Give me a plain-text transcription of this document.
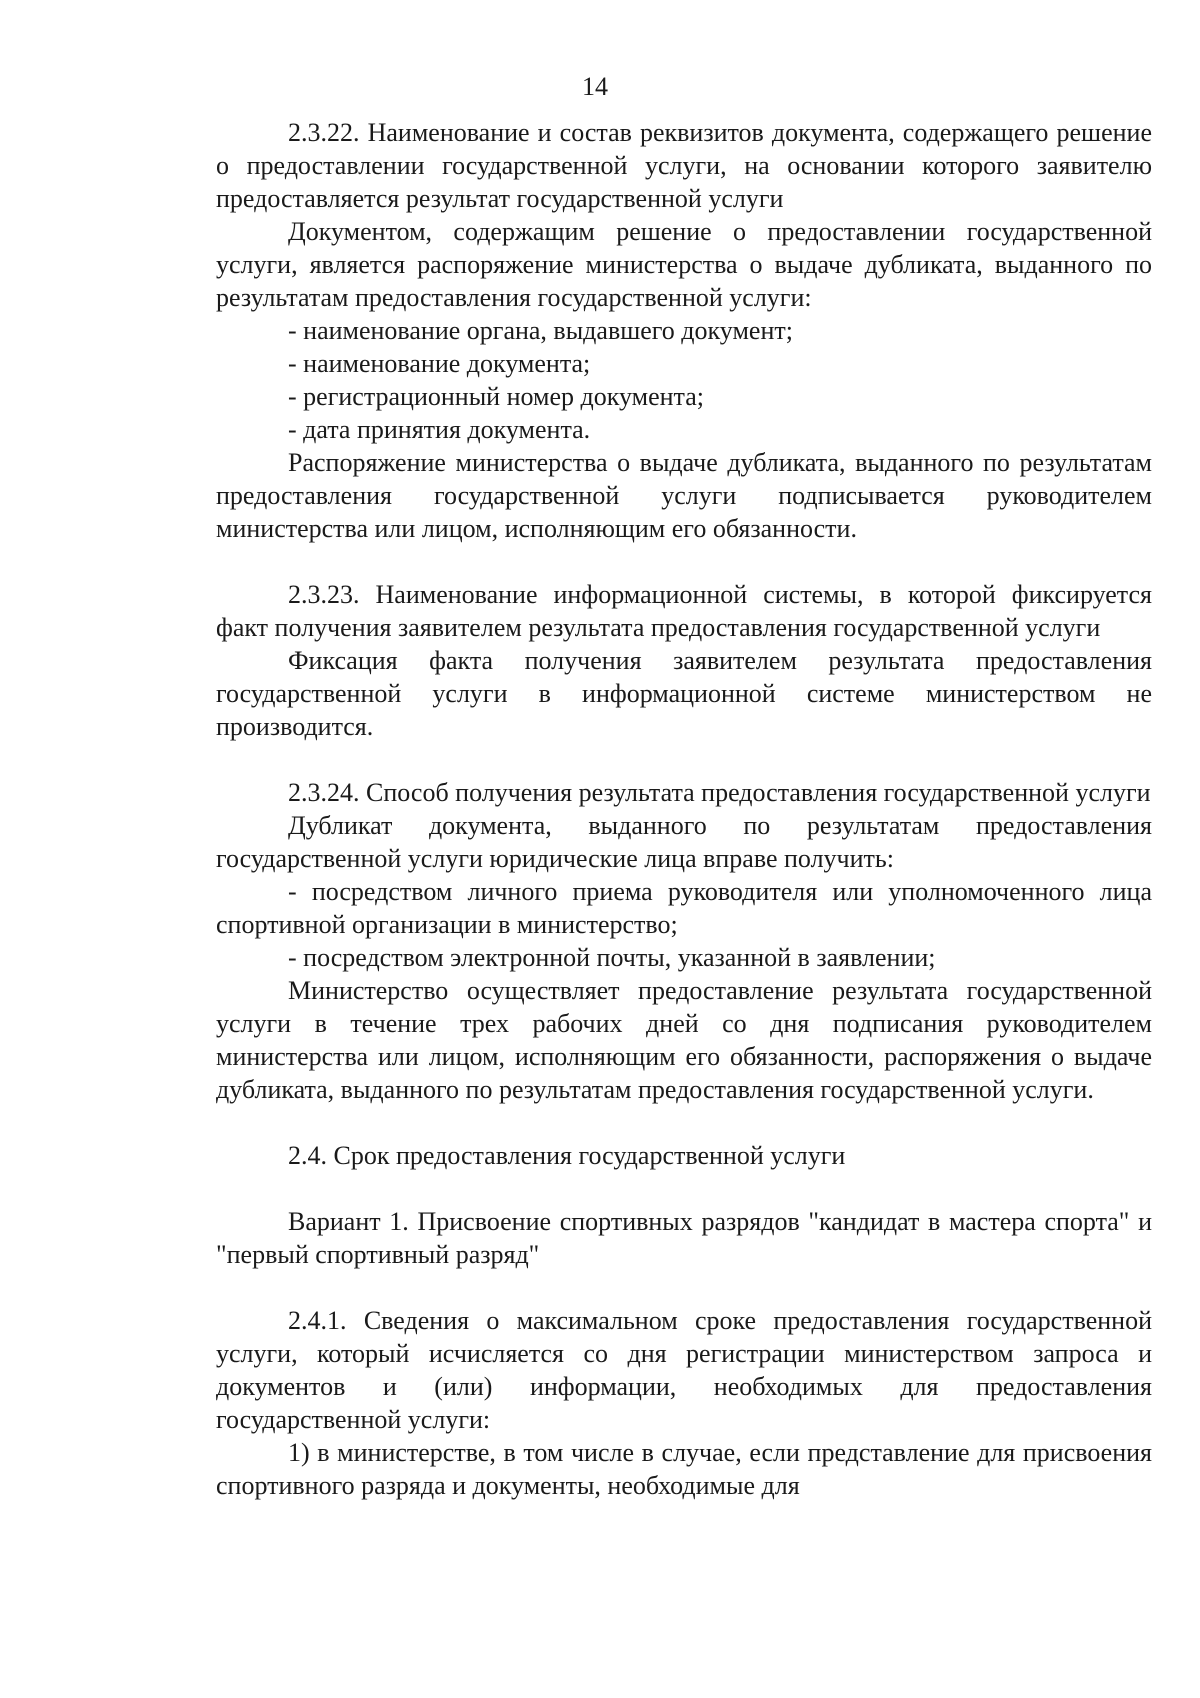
14

2.3.22. Наименование и состав реквизитов документа, содержащего решение о предоставлении государственной услуги, на основании которого заявителю предоставляется результат государственной услуги

Документом, содержащим решение о предоставлении государственной услуги, является распоряжение министерства о выдаче дубликата, выданного по результатам предоставления государственной услуги:

- наименование органа, выдавшего документ;

- наименование документа;

- регистрационный номер документа;

- дата принятия документа.

Распоряжение министерства о выдаче дубликата, выданного по результатам предоставления государственной услуги подписывается руководителем министерства или лицом, исполняющим его обязанности.

2.3.23. Наименование информационной системы, в которой фиксируется факт получения заявителем результата предоставления государственной услуги

Фиксация факта получения заявителем результата предоставления государственной услуги в информационной системе министерством не производится.

2.3.24. Способ получения результата предоставления государственной услуги

Дубликат документа, выданного по результатам предоставления государственной услуги юридические лица вправе получить:

- посредством личного приема руководителя или уполномоченного лица спортивной организации в министерство;

- посредством электронной почты, указанной в заявлении;

Министерство осуществляет предоставление результата государственной услуги в течение трех рабочих дней со дня подписания руководителем министерства или лицом, исполняющим его обязанности, распоряжения о выдаче дубликата, выданного по результатам предоставления государственной услуги.

2.4. Срок предоставления государственной услуги

Вариант 1. Присвоение спортивных разрядов "кандидат в мастера спорта" и "первый спортивный разряд"

2.4.1. Сведения о максимальном сроке предоставления государственной услуги, который исчисляется со дня регистрации министерством запроса и документов и (или) информации, необходимых для предоставления государственной услуги:

1) в министерстве, в том числе в случае, если представление для присвоения спортивного разряда и документы, необходимые для
